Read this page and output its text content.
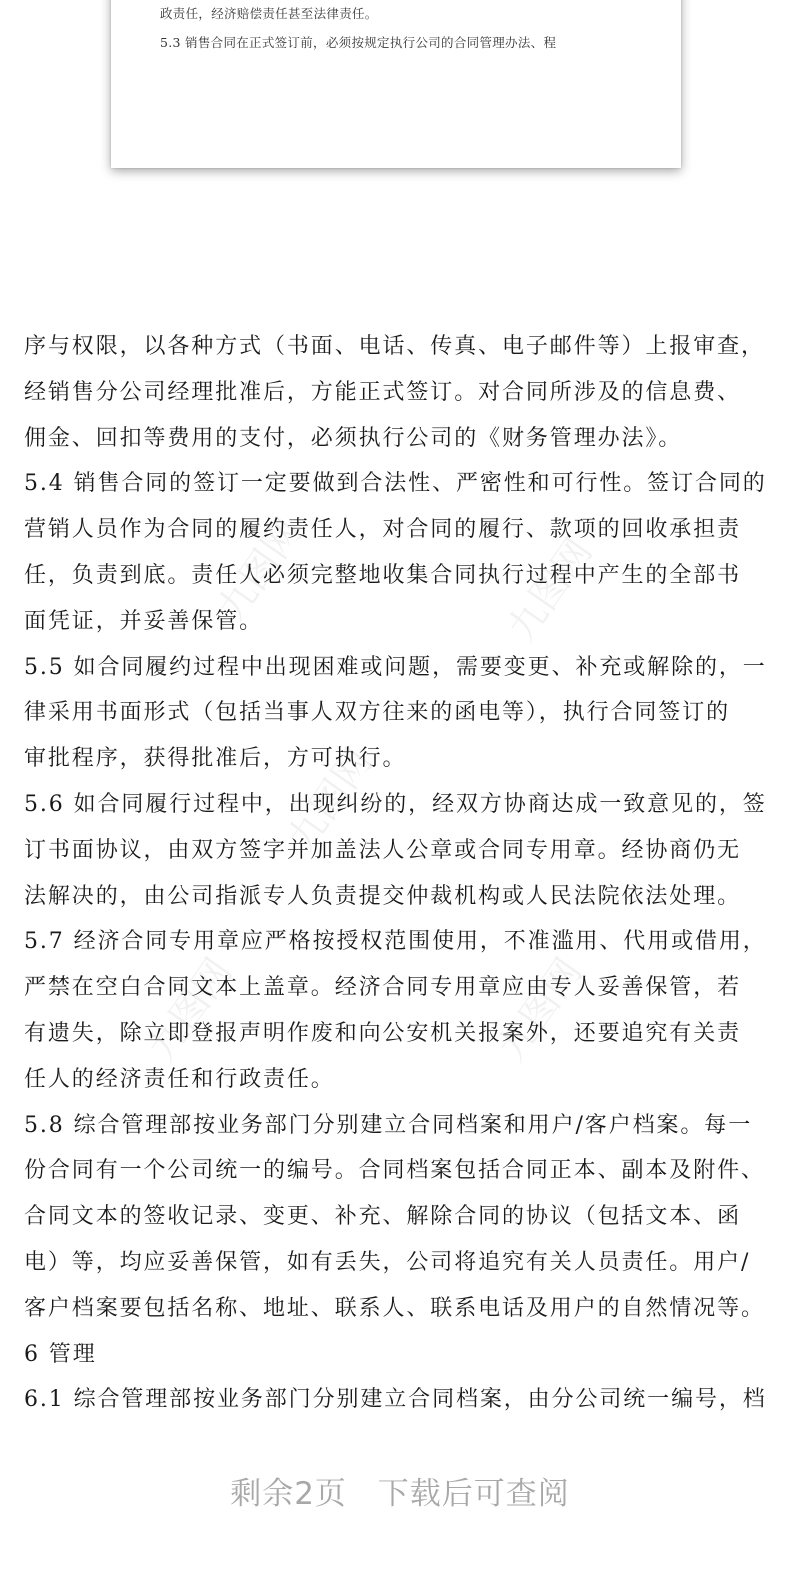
政责任，经济赔偿责任甚至法律责任。
5.3 销售合同在正式签订前，必须按规定执行公司的合同管理办法、程
九图网	九图网
九图网
九图网
九图网
序与权限，以各种方式（书面、电话、传真、电子邮件等）上报审查，
经销售分公司经理批准后，方能正式签订。对合同所涉及的信息费、
佣金、回扣等费用的支付，必须执行公司的《财务管理办法》。
5.4 销售合同的签订一定要做到合法性、严密性和可行性。签订合同的
营销人员作为合同的履约责任人，对合同的履行、款项的回收承担责
任，负责到底。责任人必须完整地收集合同执行过程中产生的全部书
面凭证，并妥善保管。
5.5 如合同履约过程中出现困难或问题，需要变更、补充或解除的，一
律采用书面形式（包括当事人双方往来的函电等），执行合同签订的
审批程序，获得批准后，方可执行。
5.6 如合同履行过程中，出现纠纷的，经双方协商达成一致意见的，签
订书面协议，由双方签字并加盖法人公章或合同专用章。经协商仍无
法解决的，由公司指派专人负责提交仲裁机构或人民法院依法处理。
5.7 经济合同专用章应严格按授权范围使用，不准滥用、代用或借用，
严禁在空白合同文本上盖章。经济合同专用章应由专人妥善保管，若
有遗失，除立即登报声明作废和向公安机关报案外，还要追究有关责
任人的经济责任和行政责任。
5.8 综合管理部按业务部门分别建立合同档案和用户/客户档案。每一
份合同有一个公司统一的编号。合同档案包括合同正本、副本及附件、
合同文本的签收记录、变更、补充、解除合同的协议（包括文本、函
电）等，均应妥善保管，如有丢失，公司将追究有关人员责任。用户/
客户档案要包括名称、地址、联系人、联系电话及用户的自然情况等。
6 管理
6.1 综合管理部按业务部门分别建立合同档案，由分公司统一编号，档
剩余2页 下载后可查阅
